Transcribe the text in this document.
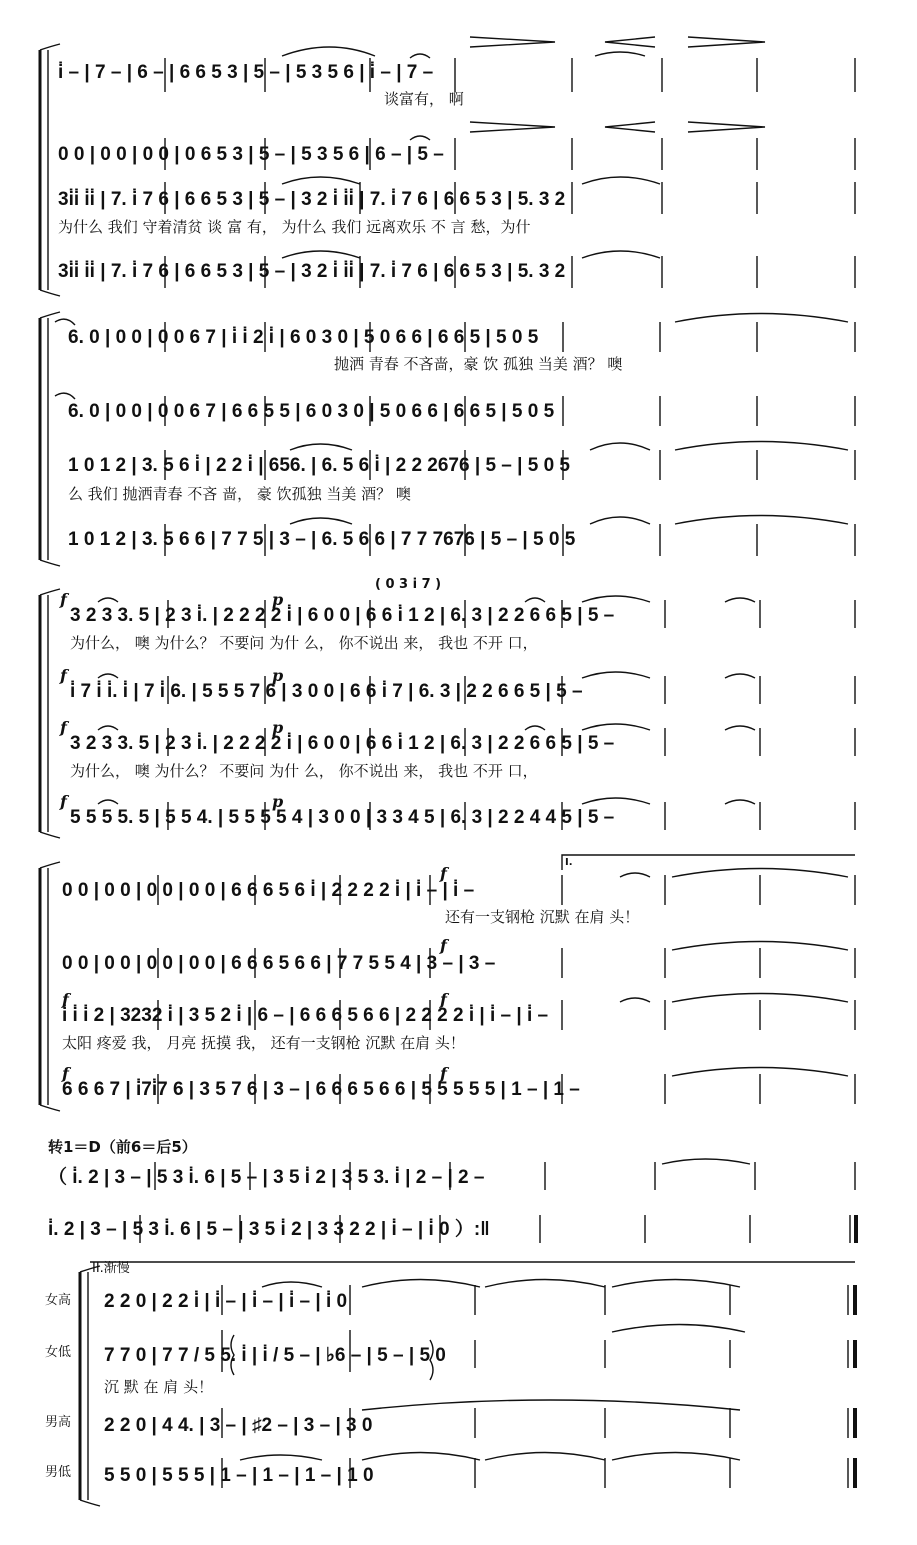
i̇ – | 7 – | 6 – | 6 6 5 3 | 5 – | 5 3 5 6 | i̇ – | 7 –
谈富有， 啊
0 0 | 0 0 | 0 0 | 0 6 5 3 | 5 – | 5 3 5 6 | 6 – | 5 –
3i̇i̇ i̇i̇ | 7. i̇ 7 6 | 6 6 5 3 | 5 – | 3 2 i̇ i̇i̇ | 7. i̇ 7 6 | 6 6 5 3 | 5. 3 2
为什么 我们 守着清贫 谈 富 有， 为什么 我们 远离欢乐 不 言 愁，为什
3i̇i̇ i̇i̇ | 7. i̇ 7 6 | 6 6 5 3 | 5 – | 3 2 i̇ i̇i̇ | 7. i̇ 7 6 | 6 6 5 3 | 5. 3 2
6. 0 | 0 0 | 0 0 6 7 | i̇ i̇ 2 i̇ | 6 0 3 0 | 5 0 6 6 | 6 6 5 | 5 0 5
抛洒 青春 不吝啬，豪 饮 孤独 当美 酒？ 噢
6. 0 | 0 0 | 0 0 6 7 | 6 6 5 5 | 6 0 3 0 | 5 0 6 6 | 6 6 5 | 5 0 5
1 0 1 2 | 3. 5 6 i̇ | 2 2 i̇ | 656. | 6. 5 6 i̇ | 2 2 2676 | 5 – | 5 0 5
么 我们 抛洒青春 不吝 啬， 豪 饮孤独 当美 酒？ 噢
1 0 1 2 | 3. 5 6 6 | 7 7 5 | 3 – | 6. 5 6 6 | 7 7 7676 | 5 – | 5 0 5
( 0 3 i̇ 7 )
f	p
3 2 3 3. 5 | 2 3 i̇. | 2 2 2 2 i̇ | 6 0 0 | 6 6 i̇ 1 2 | 6. 3 | 2 2 6 6 5 | 5 –
为什么， 噢 为什么？ 不要问 为什 么， 你不说出 来， 我也 不开 口，
f	p
i̇ 7 i̇ i̇. i̇ | 7 i̇ 6. | 5 5 5 7 6 | 3 0 0 | 6 6 i̇ 7 | 6. 3 | 2 2 6 6 5 | 5 –
f	p
3 2 3 3. 5 | 2 3 i̇. | 2 2 2 2 i̇ | 6 0 0 | 6 6 i̇ 1 2 | 6. 3 | 2 2 6 6 5 | 5 –
为什么， 噢 为什么？ 不要问 为什 么， 你不说出 来， 我也 不开 口，
f	p
5 5 5 5. 5 | 5 5 4. | 5 5 5 5 4 | 3 0 0 | 3 3 4 5 | 6. 3 | 2 2 4 4 5 | 5 –
I.
f
0 0 | 0 0 | 0 0 | 0 0 | 6 6 6 5 6 i̇ | 2 2 2 2 i̇ | i̇ – | i̇ –
还有一支钢枪 沉默 在肩 头！
f
0 0 | 0 0 | 0 0 | 0 0 | 6 6 6 5 6 6 | 7 7 5 5 4 | 3 – | 3 –
f	f
i̇ i̇ i̇ 2 | 3232 i̇ | 3 5 2 i̇ | 6 – | 6 6 6 5 6 6 | 2 2 2 2 i̇ | i̇ – | i̇ –
太阳 疼爱 我， 月亮 抚摸 我， 还有一支钢枪 沉默 在肩 头！
f	f
6 6 6 7 | i̇7i̇7 6 | 3 5 7 6 | 3 – | 6 6 6 5 6 6 | 5 5 5 5 5 | 1 – | 1 –
转1＝D（前6＝后5）
（ i̇. 2 | 3 – | 5 3 i̇. 6 | 5 – | 3 5 i̇ 2 | 3 5 3. i̇ | 2 – | 2 –
i̇. 2 | 3 – | 5 3 i̇. 6 | 5 – | 3 5 i̇ 2 | 3 3 2 2 | i̇ – | i̇ 0 ）:‖
II.渐慢
女高 2 2 0 | 2 2 i̇ | i̇ – | i̇ – | i̇ – | i̇ 0
女低 7 7 0 | 7 7 / 5 5. i̇ | i̇ / 5 – | ♭6 – | 5 – | 5 0
沉 默 在 肩 头！
男高 2 2 0 | 4 4. | 3 – | ♯2 – | 3 – | 3 0
男低 5 5 0 | 5 5 5 | 1 – | 1 – | 1 – | 1 0
